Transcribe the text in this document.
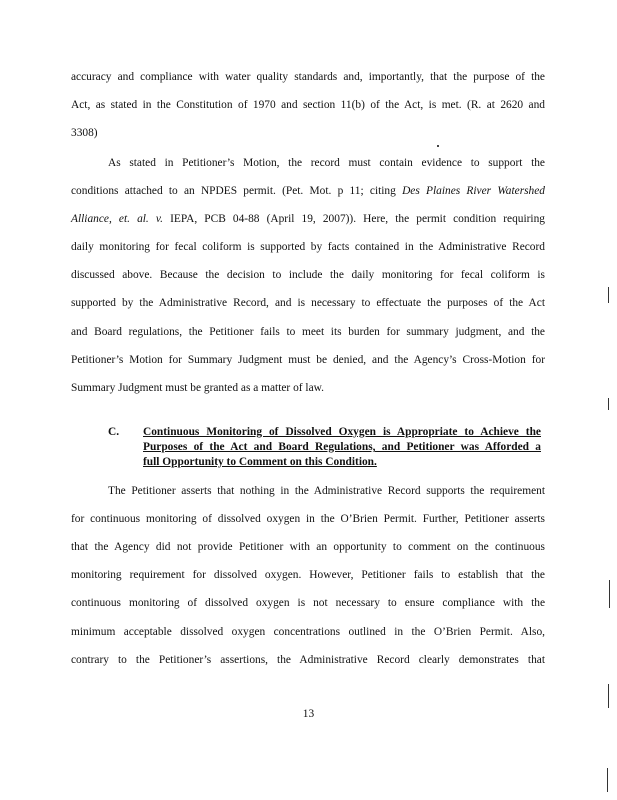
accuracy and compliance with water quality standards and, importantly, that the purpose of the
Act, as stated in the Constitution of 1970 and section 11(b) of the Act, is met. (R. at 2620 and
3308)
As stated in Petitioner’s Motion, the record must contain evidence to support the
conditions attached to an NPDES permit. (Pet. Mot. p 11; citing Des Plaines River Watershed
Alliance, et. al. v. IEPA, PCB 04-88 (April 19, 2007)). Here, the permit condition requiring
daily monitoring for fecal coliform is supported by facts contained in the Administrative Record
discussed above. Because the decision to include the daily monitoring for fecal coliform is
supported by the Administrative Record, and is necessary to effectuate the purposes of the Act
and Board regulations, the Petitioner fails to meet its burden for summary judgment, and the
Petitioner’s Motion for Summary Judgment must be denied, and the Agency’s Cross-Motion for
Summary Judgment must be granted as a matter of law.
C. Continuous Monitoring of Dissolved Oxygen is Appropriate to Achieve the
Purposes of the Act and Board Regulations, and Petitioner was Afforded a
full Opportunity to Comment on this Condition.
The Petitioner asserts that nothing in the Administrative Record supports the requirement
for continuous monitoring of dissolved oxygen in the O’Brien Permit. Further, Petitioner asserts
that the Agency did not provide Petitioner with an opportunity to comment on the continuous
monitoring requirement for dissolved oxygen. However, Petitioner fails to establish that the
continuous monitoring of dissolved oxygen is not necessary to ensure compliance with the
minimum acceptable dissolved oxygen concentrations outlined in the O’Brien Permit. Also,
contrary to the Petitioner’s assertions, the Administrative Record clearly demonstrates that
13
